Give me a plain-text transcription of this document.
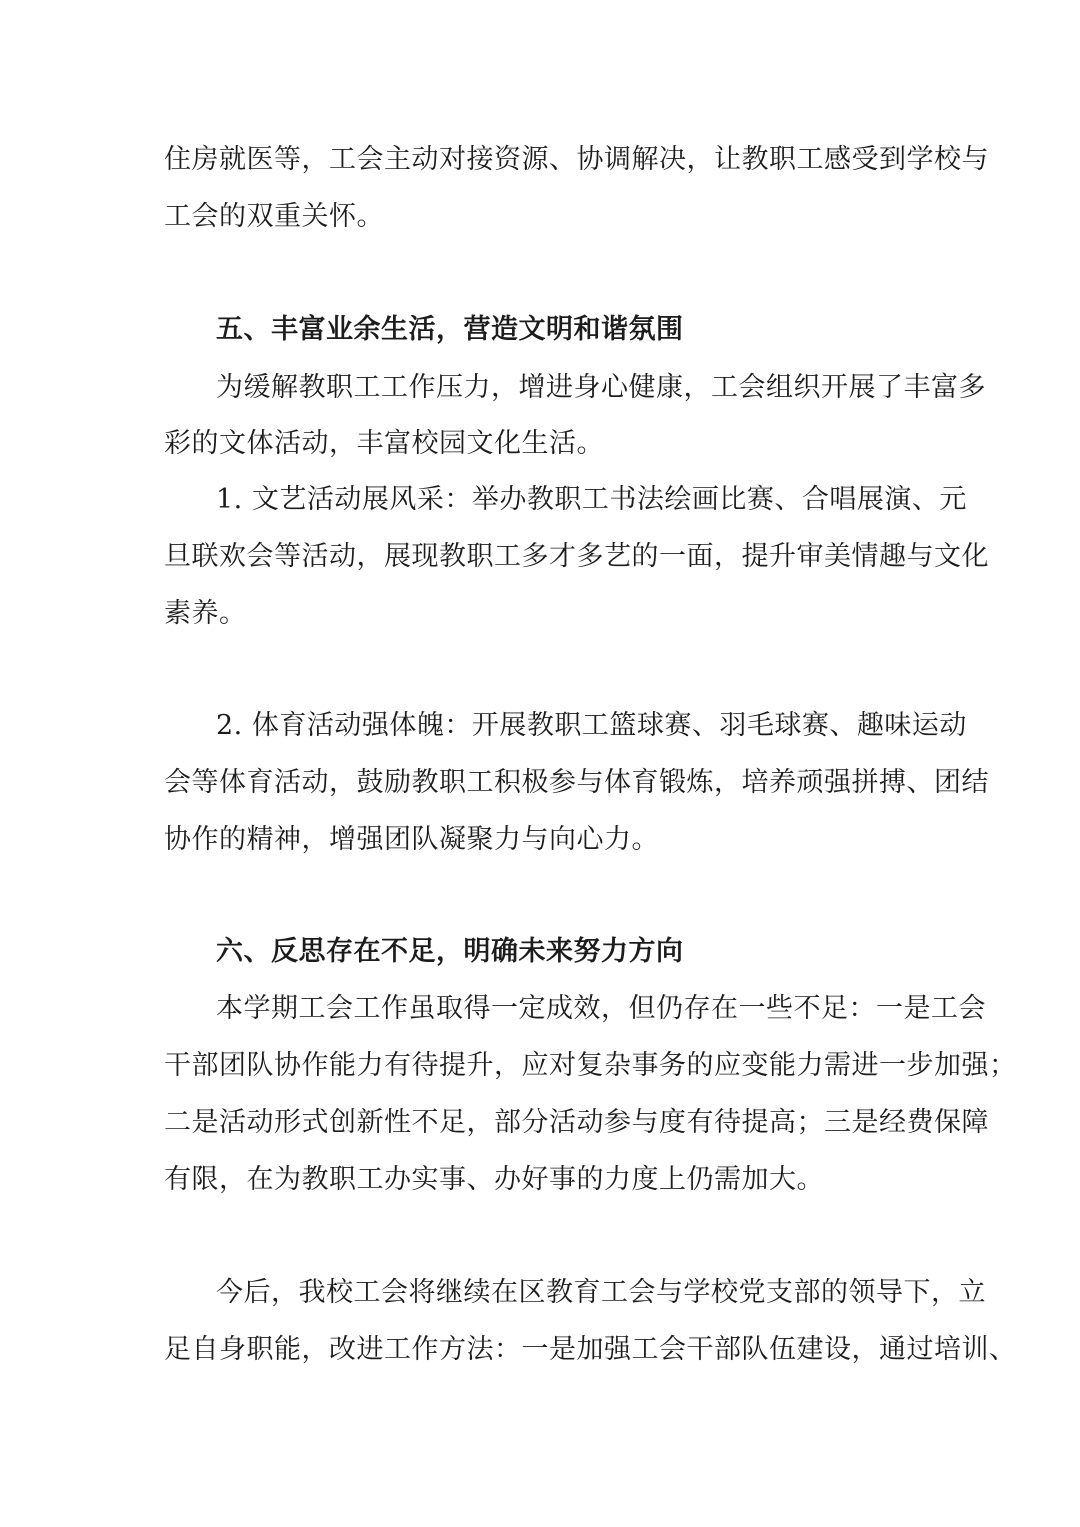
住房就医等，工会主动对接资源、协调解决，让教职工感受到学校与
工会的双重关怀。
五、丰富业余生活，营造文明和谐氛围
为缓解教职工工作压力，增进身心健康，工会组织开展了丰富多
彩的文体活动，丰富校园文化生活。
1. 文艺活动展风采：举办教职工书法绘画比赛、合唱展演、元
旦联欢会等活动，展现教职工多才多艺的一面，提升审美情趣与文化
素养。
2. 体育活动强体魄：开展教职工篮球赛、羽毛球赛、趣味运动
会等体育活动，鼓励教职工积极参与体育锻炼，培养顽强拼搏、团结
协作的精神，增强团队凝聚力与向心力。
六、反思存在不足，明确未来努力方向
本学期工会工作虽取得一定成效，但仍存在一些不足：一是工会
干部团队协作能力有待提升，应对复杂事务的应变能力需进一步加强；
二是活动形式创新性不足，部分活动参与度有待提高；三是经费保障
有限，在为教职工办实事、办好事的力度上仍需加大。
今后，我校工会将继续在区教育工会与学校党支部的领导下，立
足自身职能，改进工作方法：一是加强工会干部队伍建设，通过培训、
